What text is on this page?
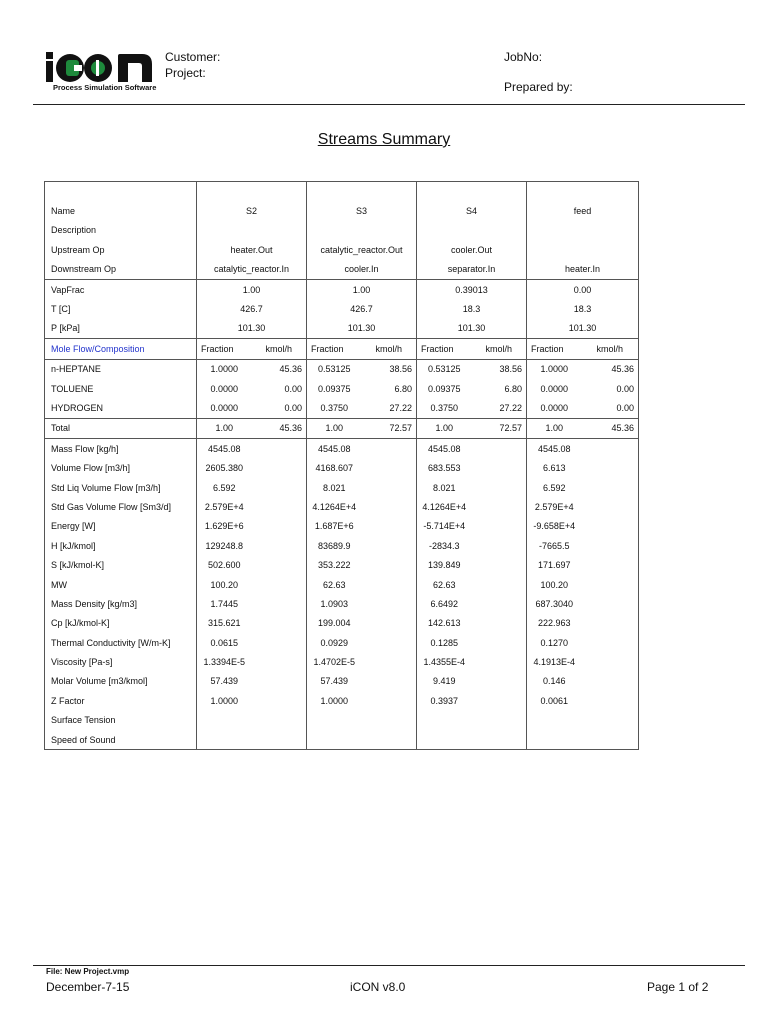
Process Simulation Software
Customer:
Project:
JobNo:
Prepared by:
Streams Summary

Name	S2		S3		S4		feed	
Description								
Upstream Op	heater.Out		catalytic_reactor.Out		cooler.Out			
Downstream Op	catalytic_reactor.In		cooler.In		separator.In		heater.In	
VapFrac	1.00		1.00		0.39013		0.00	
T [C]	426.7		426.7		18.3		18.3	
P [kPa]	101.30		101.30		101.30		101.30	
Mole Flow/Composition	Fraction	kmol/h	Fraction	kmol/h	Fraction	kmol/h	Fraction	kmol/h
n-HEPTANE	1.0000	45.36	0.53125	38.56	0.53125	38.56	1.0000	45.36
TOLUENE	0.0000	0.00	0.09375	6.80	0.09375	6.80	0.0000	0.00
HYDROGEN	0.0000	0.00	0.3750	27.22	0.3750	27.22	0.0000	0.00
Total	1.00	45.36	1.00	72.57	1.00	72.57	1.00	45.36
Mass Flow [kg/h]	4545.08		4545.08		4545.08		4545.08	
Volume Flow [m3/h]	2605.380		4168.607		683.553		6.613	
Std Liq Volume Flow [m3/h]	6.592		8.021		8.021		6.592	
Std Gas Volume Flow [Sm3/d]	2.579E+4		4.1264E+4		4.1264E+4		2.579E+4	
Energy [W]	1.629E+6		1.687E+6		-5.714E+4		-9.658E+4	
H [kJ/kmol]	129248.8		83689.9		-2834.3		-7665.5	
S [kJ/kmol-K]	502.600		353.222		139.849		171.697	
MW	100.20		62.63		62.63		100.20	
Mass Density [kg/m3]	1.7445		1.0903		6.6492		687.3040	
Cp [kJ/kmol-K]	315.621		199.004		142.613		222.963	
Thermal Conductivity [W/m-K]	0.0615		0.0929		0.1285		0.1270	
Viscosity [Pa-s]	1.3394E-5		1.4702E-5		1.4355E-4		4.1913E-4	
Molar Volume [m3/kmol]	57.439		57.439		9.419		0.146	
Z Factor	1.0000		1.0000		0.3937		0.0061	
Surface Tension								
Speed of Sound								
File: New Project.vmp
December-7-15	iCON v8.0	Page 1 of 2
